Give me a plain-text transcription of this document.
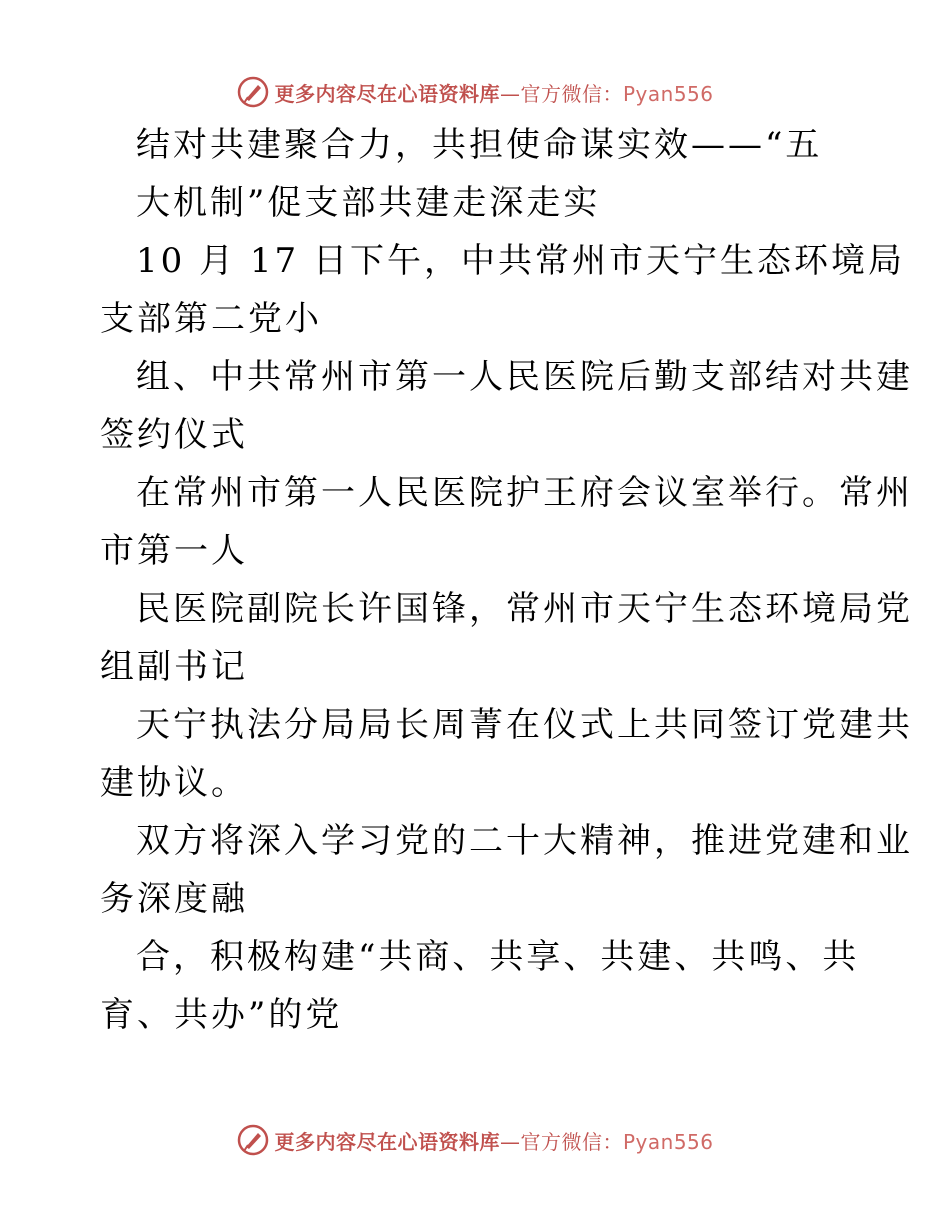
更多内容尽在心语资料库—官方微信：Pyan556
结对共建聚合力，共担使命谋实效——“五
大机制”促支部共建走深走实
10 月 17 日下午，中共常州市天宁生态环境局
支部第二党小
组、中共常州市第一人民医院后勤支部结对共建
签约仪式
在常州市第一人民医院护王府会议室举行。常州
市第一人
民医院副院长许国锋，常州市天宁生态环境局党
组副书记
天宁执法分局局长周菁在仪式上共同签订党建共
建协议。
双方将深入学习党的二十大精神，推进党建和业
务深度融
合，积极构建“共商、共享、共建、共鸣、共
育、共办”的党
更多内容尽在心语资料库—官方微信：Pyan556
